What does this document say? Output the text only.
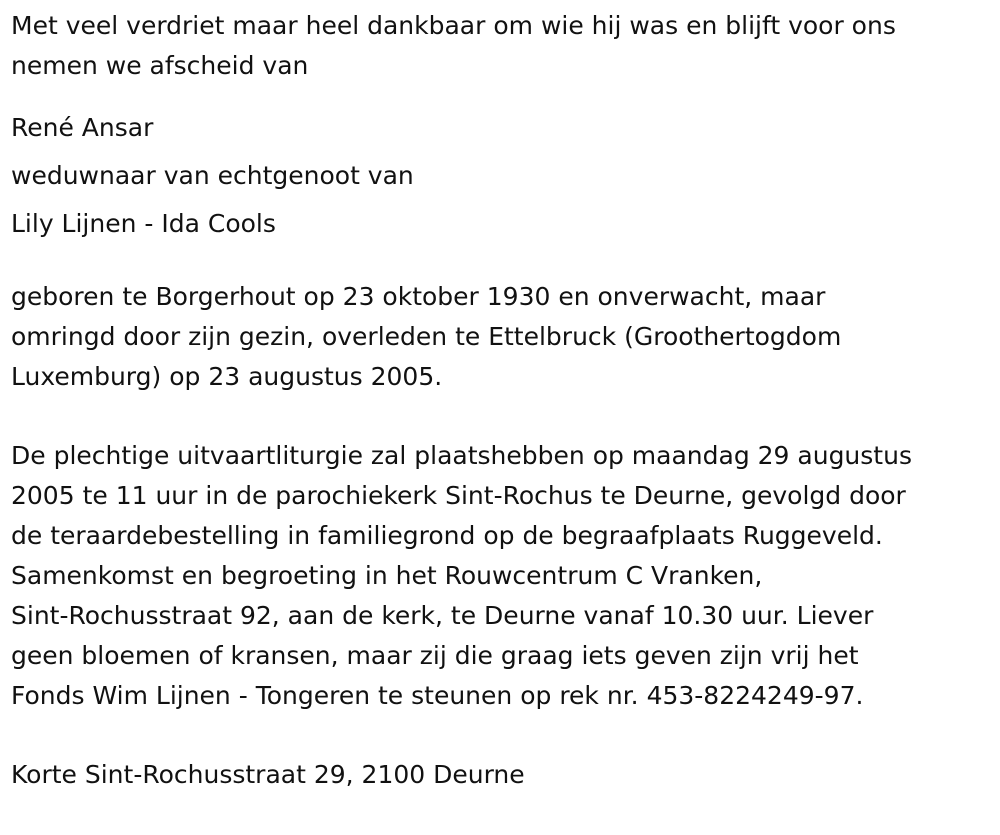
Met veel verdriet maar heel dankbaar om wie hij was en blijft voor ons

nemen we afscheid van

René Ansar

weduwnaar van echtgenoot van

Lily Lijnen - Ida Cools

geboren te Borgerhout op 23 oktober 1930 en onverwacht, maar

omringd door zijn gezin, overleden te Ettelbruck (Groothertogdom

Luxemburg) op 23 augustus 2005.

De plechtige uitvaartliturgie zal plaatshebben op maandag 29 augustus

2005 te 11 uur in de parochiekerk Sint-Rochus te Deurne, gevolgd door

de teraardebestelling in familiegrond op de begraafplaats Ruggeveld.

Samenkomst en begroeting in het Rouwcentrum C Vranken,

Sint-Rochusstraat 92, aan de kerk, te Deurne vanaf 10.30 uur. Liever

geen bloemen of kransen, maar zij die graag iets geven zijn vrij het

Fonds Wim Lijnen - Tongeren te steunen op rek nr. 453-8224249-97.

Korte Sint-Rochusstraat 29, 2100 Deurne
